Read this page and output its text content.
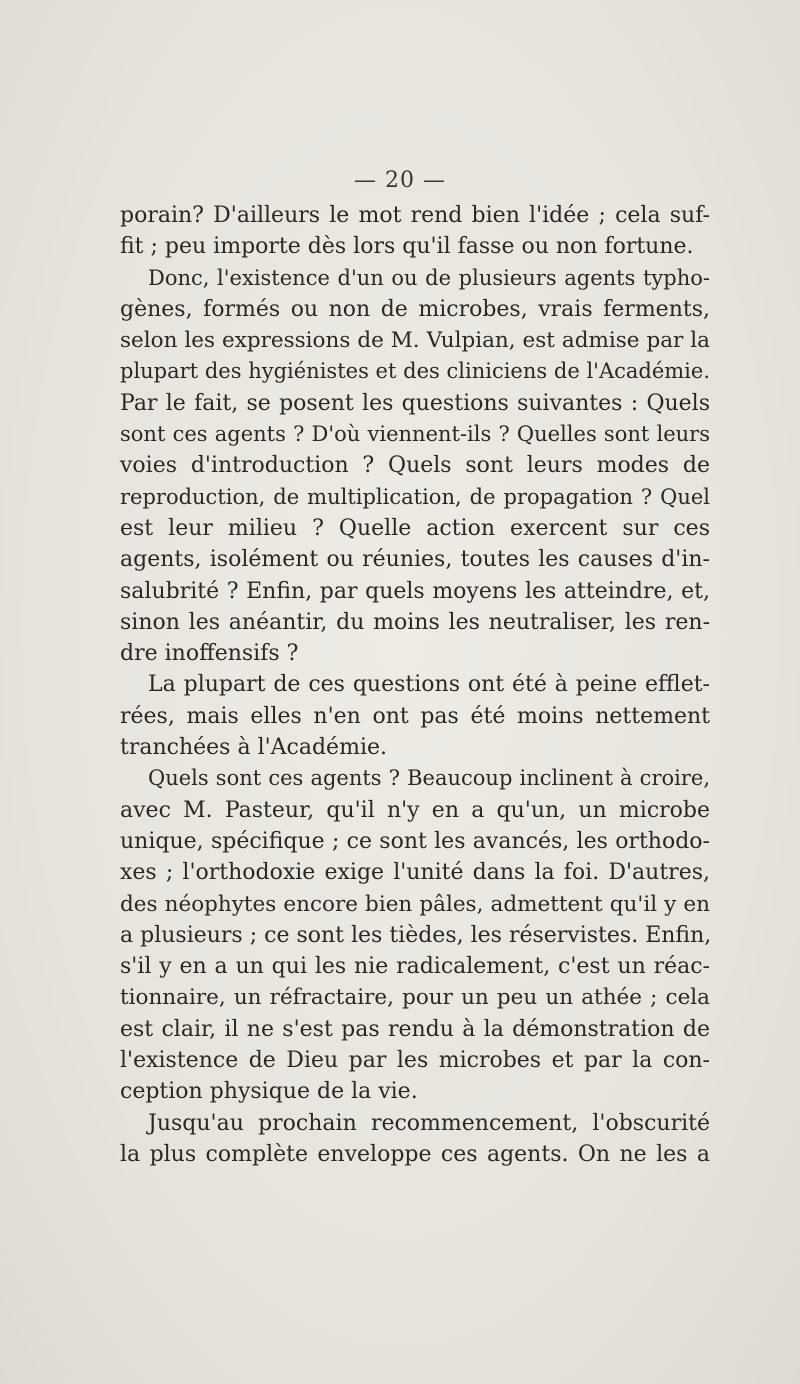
— 20 —
porain? D'ailleurs le mot rend bien l'idée ; cela suf-
fit ; peu importe dès lors qu'il fasse ou non fortune.
Donc, l'existence d'un ou de plusieurs agents typho-
gènes, formés ou non de microbes, vrais ferments,
selon les expressions de M. Vulpian, est admise par la
plupart des hygiénistes et des cliniciens de l'Académie.
Par le fait, se posent les questions suivantes : Quels
sont ces agents ? D'où viennent-ils ? Quelles sont leurs
voies d'introduction ? Quels sont leurs modes de
reproduction, de multiplication, de propagation ? Quel
est leur milieu ? Quelle action exercent sur ces
agents, isolément ou réunies, toutes les causes d'in-
salubrité ? Enfin, par quels moyens les atteindre, et,
sinon les anéantir, du moins les neutraliser, les ren-
dre inoffensifs ?
La plupart de ces questions ont été à peine efflet-
rées, mais elles n'en ont pas été moins nettement
tranchées à l'Académie.
Quels sont ces agents ? Beaucoup inclinent à croire,
avec M. Pasteur, qu'il n'y en a qu'un, un microbe
unique, spécifique ; ce sont les avancés, les orthodo-
xes ; l'orthodoxie exige l'unité dans la foi. D'autres,
des néophytes encore bien pâles, admettent qu'il y en
a plusieurs ; ce sont les tièdes, les réservistes. Enfin,
s'il y en a un qui les nie radicalement, c'est un réac-
tionnaire, un réfractaire, pour un peu un athée ; cela
est clair, il ne s'est pas rendu à la démonstration de
l'existence de Dieu par les microbes et par la con-
ception physique de la vie.
Jusqu'au prochain recommencement, l'obscurité
la plus complète enveloppe ces agents. On ne les a
